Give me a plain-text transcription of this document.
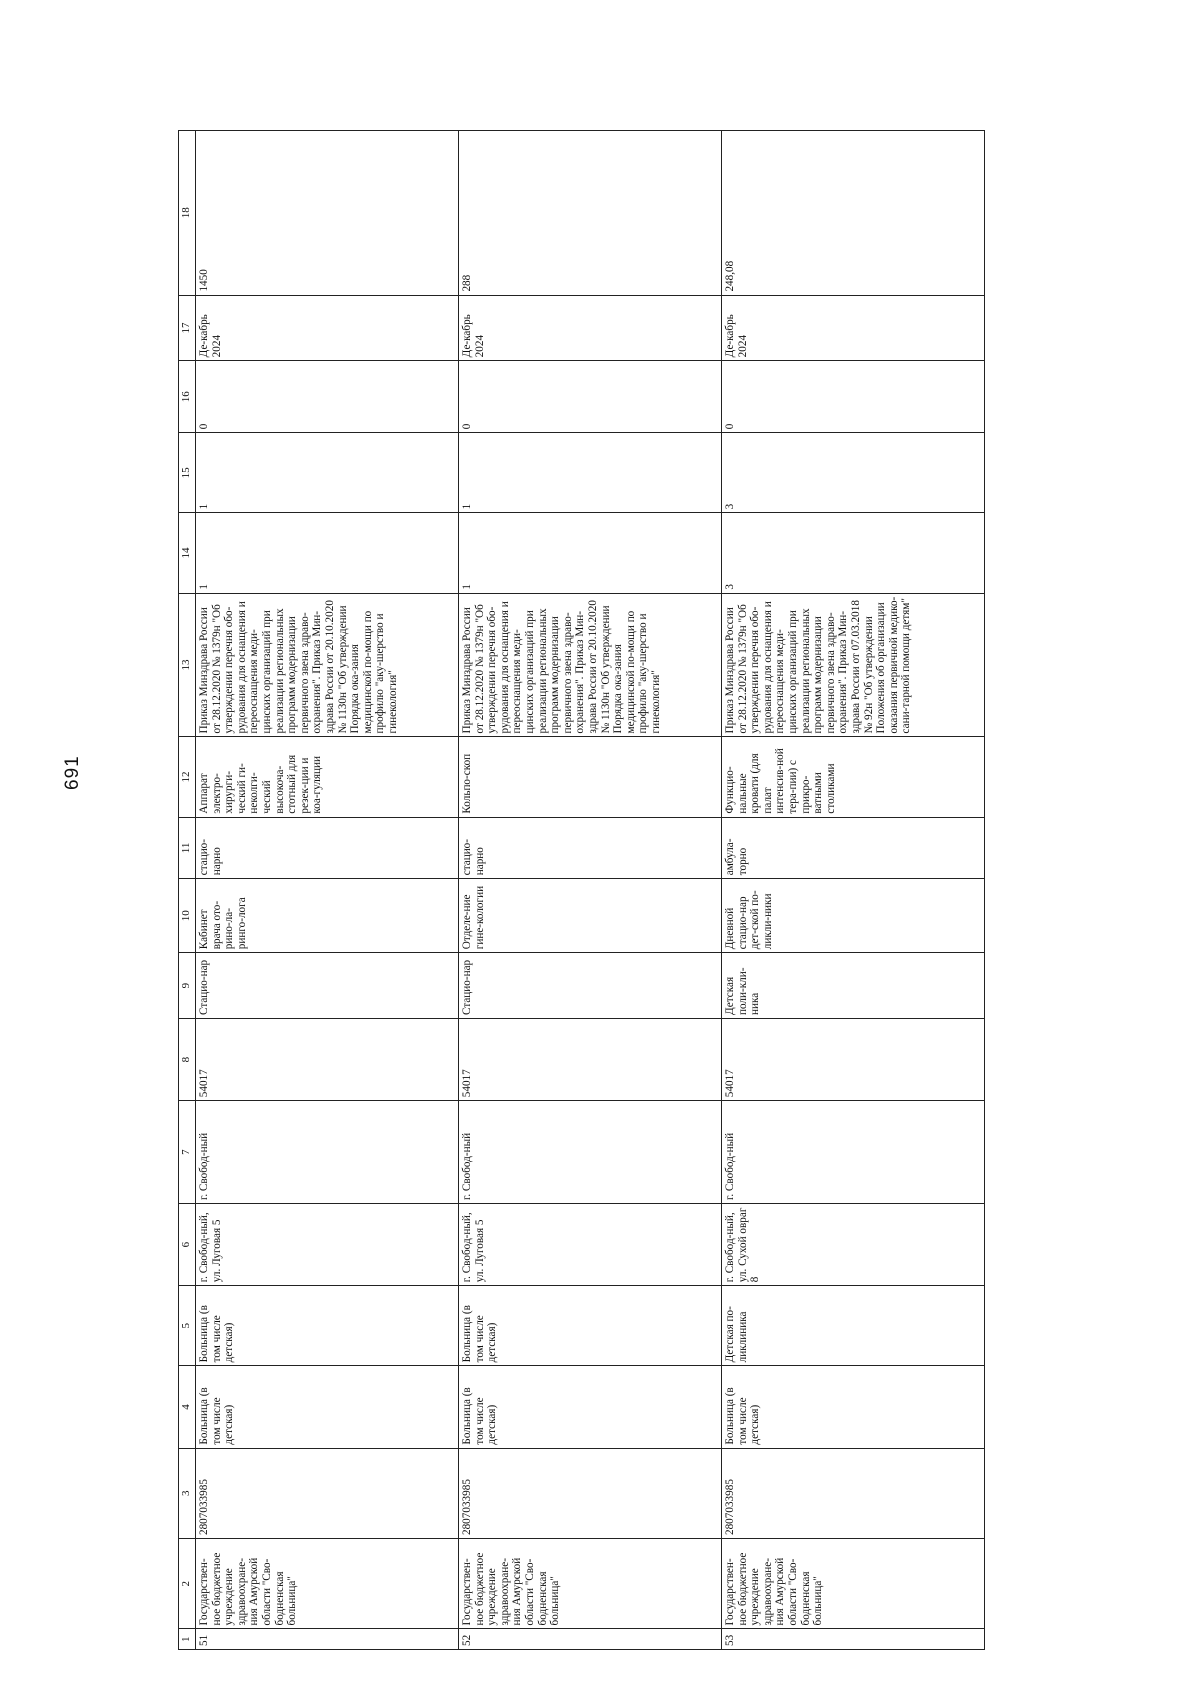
691
1	2	3	4	5	6	7	8	9	10	11	12	13	14	15	16	17	18
51	Государствен-ное бюджетное учреждение здравоохране-ния Амурской области "Сво-бодненская больница"	2807033985	Больница (в том числе детская)	Больница (в том числе детская)	г. Свобод-ный, ул. Луговая 5	г. Свобод-ный	54017	Стацио-нар	Кабинет врача ото-рино-ла-ринго-лога	стацио-нарно	Аппарат электро-хирурги-ческий ги-неколги-ческий высокоча-стотный для резек-ции и коа-гуляции	Приказ Минздрава России от 28.12.2020 № 1379н "Об утверждении перечня обо-рудования для оснащения и переоснащения меди-цинских организаций при реализации региональных программ модернизации первичного звена здраво-охранения". Приказ Мин-здрава России от 20.10.2020 № 1130н "Об утверждении Порядка ока-зания медицинской по-мощи по профилю "аку-шерство и гинекология"	1	1	0	Де-кабрь 2024	1450
52	Государствен-ное бюджетное учреждение здравоохране-ния Амурской области "Сво-бодненская больница"	2807033985	Больница (в том числе детская)	Больница (в том числе детская)	г. Свобод-ный, ул. Луговая 5	г. Свобод-ный	54017	Стацио-нар	Отделе-ние гине-кологии	стацио-нарно	Кольпо-скоп	Приказ Минздрава России от 28.12.2020 № 1379н "Об утверждении перечня обо-рудования для оснащения и переоснащения меди-цинских организаций при реализации региональных программ модернизации первичного звена здраво-охранения". Приказ Мин-здрава России от 20.10.2020 № 1130н "Об утверждении Порядка ока-зания медицинской по-мощи по профилю "аку-шерство и гинекология"	1	1	0	Де-кабрь 2024	288
53	Государствен-ное бюджетное учреждение здравоохране-ния Амурской области "Сво-бодненская больница"	2807033985	Больница (в том числе детская)	Детская по-ликлиника	г. Свобод-ный, ул. Сухой овраг 8	г. Свобод-ный	54017	Детская поли-кли-ника	Дневной стацио-нар дет-ской по-ликли-ники	амбула-торно	Функцио-нальные кровати (для палат интенсив-ной тера-пии) с прикро-ватными столиками	Приказ Минздрава России от 28.12.2020 № 1379н "Об утверждении перечня обо-рудования для оснащения и переоснащения меди-цинских организаций при реализации региональных программ модернизации первичного звена здраво-охранения". Приказ Мин-здрава России от 07.03.2018 № 92н "Об утверждении Положения об организации оказания первичной медико-сани-тарной помощи детям"	3	3	0	Де-кабрь 2024	248,08
